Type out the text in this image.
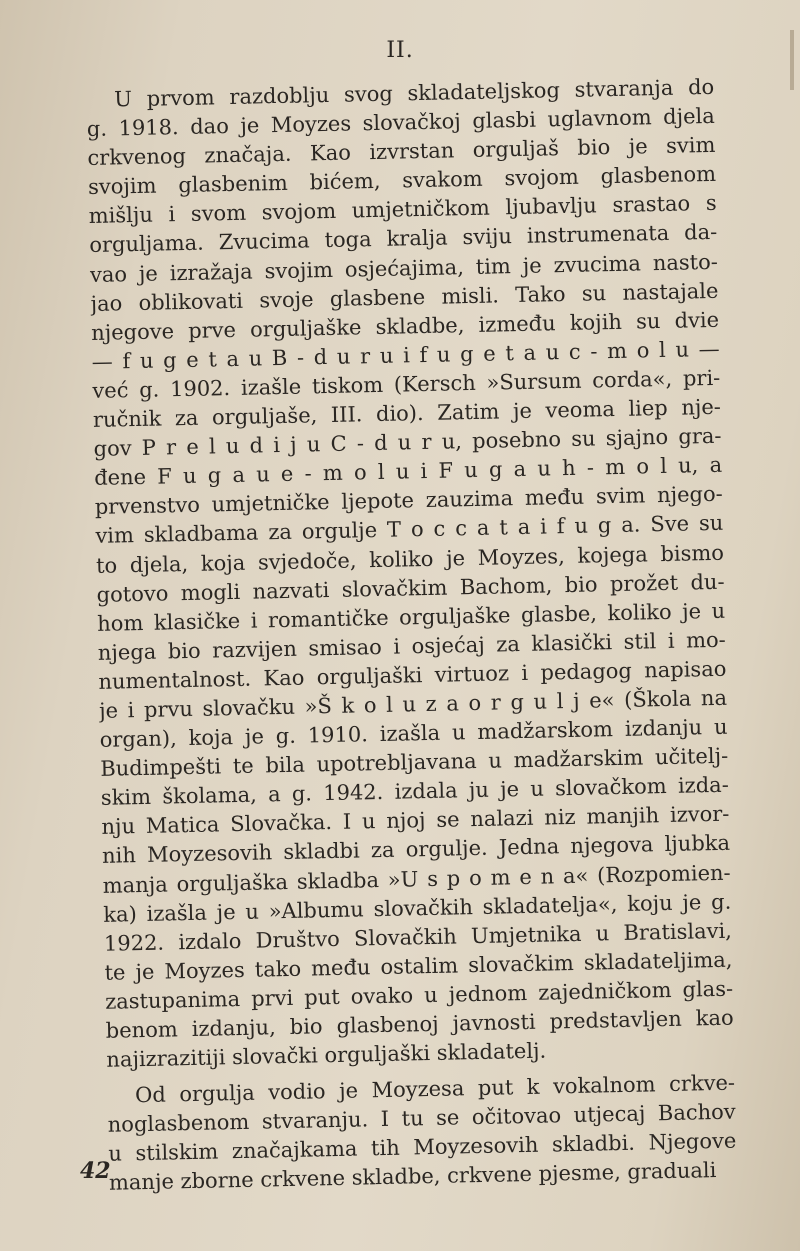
II.
U prvom razdoblju svog skladateljskog stvaranja do
g. 1918. dao je Moyzes slovačkoj glasbi uglavnom djela
crkvenog značaja. Kao izvrstan orguljaš bio je svim
svojim glasbenim bićem, svakom svojom glasbenom
mišlju i svom svojom umjetničkom ljubavlju srastao s
orguljama. Zvucima toga kralja sviju instrumenata da-
vao je izražaja svojim osjećajima, tim je zvucima nasto-
jao oblikovati svoje glasbene misli. Tako su nastajale
njegove prve orguljaške skladbe, između kojih su dvie
— f u g e t a u B - d u r u i f u g e t a u c - m o l u —
već g. 1902. izašle tiskom (Kersch »Sursum corda«, pri-
ručnik za orguljaše, III. dio). Zatim je veoma liep nje-
gov P r e l u d i j u C - d u r u, posebno su sjajno gra-
đene F u g a u e - m o l u i F u g a u h - m o l u, a
prvenstvo umjetničke ljepote zauzima među svim njego-
vim skladbama za orgulje T o c c a t a i f u g a. Sve su
to djela, koja svjedoče, koliko je Moyzes, kojega bismo
gotovo mogli nazvati slovačkim Bachom, bio prožet du-
hom klasičke i romantičke orguljaške glasbe, koliko je u
njega bio razvijen smisao i osjećaj za klasički stil i mo-
numentalnost. Kao orguljaški virtuoz i pedagog napisao
je i prvu slovačku »Š k o l u z a o r g u l j e« (Škola na
organ), koja je g. 1910. izašla u madžarskom izdanju u
Budimpešti te bila upotrebljavana u madžarskim učitelj-
skim školama, a g. 1942. izdala ju je u slovačkom izda-
nju Matica Slovačka. I u njoj se nalazi niz manjih izvor-
nih Moyzesovih skladbi za orgulje. Jedna njegova ljubka
manja orguljaška skladba »U s p o m e n a« (Rozpomien-
ka) izašla je u »Albumu slovačkih skladatelja«, koju je g.
1922. izdalo Društvo Slovačkih Umjetnika u Bratislavi,
te je Moyzes tako među ostalim slovačkim skladateljima,
zastupanima prvi put ovako u jednom zajedničkom glas-
benom izdanju, bio glasbenoj javnosti predstavljen kao
najizrazitiji slovački orguljaški skladatelj.
Od orgulja vodio je Moyzesa put k vokalnom crkve-
noglasbenom stvaranju. I tu se očitovao utjecaj Bachov
u stilskim značajkama tih Moyzesovih skladbi. Njegove
manje zborne crkvene skladbe, crkvene pjesme, graduali
42
